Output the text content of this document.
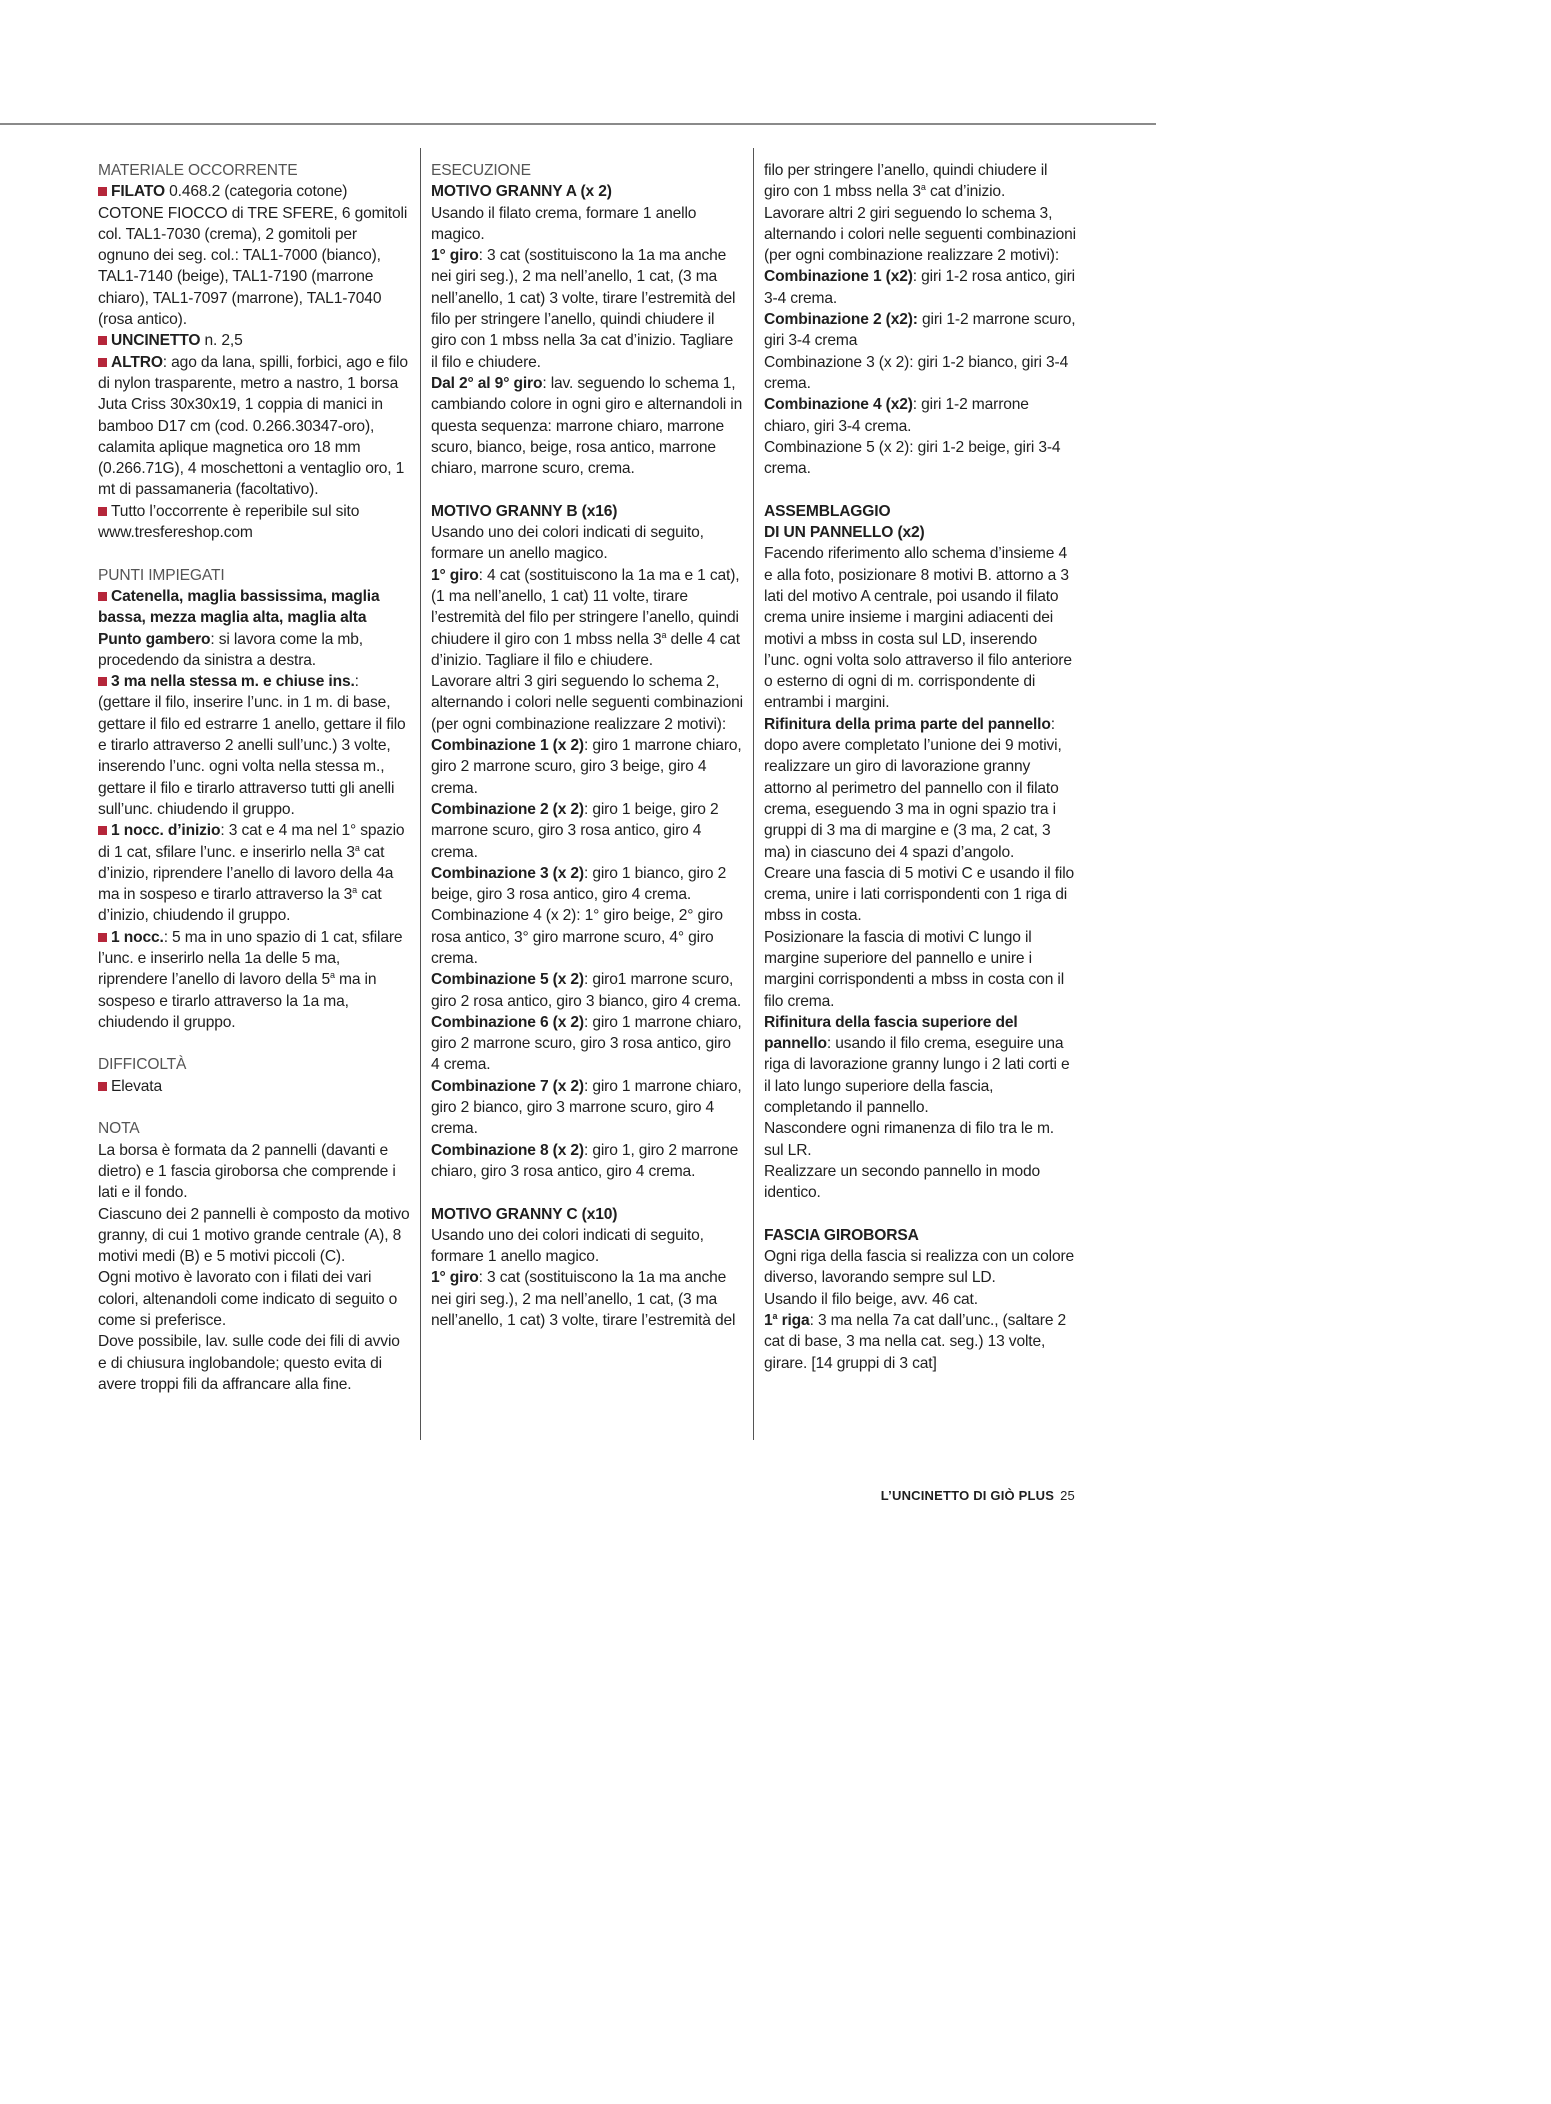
MATERIALE OCCORRENTE

FILATO 0.468.2 (categoria cotone) COTONE FIOCCO di TRE SFERE, 6 gomitoli col. TAL1-7030 (crema), 2 gomitoli per ognuno dei seg. col.: TAL1-7000 (bianco), TAL1-7140 (beige), TAL1-7190 (marrone chiaro), TAL1-7097 (marrone), TAL1-7040 (rosa antico).

UNCINETTO n. 2,5

ALTRO: ago da lana, spilli, forbici, ago e filo di nylon trasparente, metro a nastro, 1 borsa Juta Criss 30x30x19, 1 coppia di manici in bamboo D17 cm (cod. 0.266.30347-oro), calamita aplique magnetica oro 18 mm (0.266.71G), 4 moschettoni a ventaglio oro, 1 mt di passamaneria (facoltativo).

Tutto l’occorrente è reperibile sul sito www.tresfereshop.com

PUNTI IMPIEGATI

Catenella, maglia bassissima, maglia bassa, mezza maglia alta, maglia alta

Punto gambero: si lavora come la mb, procedendo da sinistra a destra.

3 ma nella stessa m. e chiuse ins.: (gettare il filo, inserire l’unc. in 1 m. di base, gettare il filo ed estrarre 1 anello, gettare il filo e tirarlo attraverso 2 anelli sull’unc.) 3 volte, inserendo l’unc. ogni volta nella stessa m., gettare il filo e tirarlo attraverso tutti gli anelli sull’unc. chiudendo il gruppo.

1 nocc. d’inizio: 3 cat e 4 ma nel 1° spazio di 1 cat, sfilare l’unc. e inserirlo nella 3$^a$ cat d’inizio, riprendere l’anello di lavoro della 4a ma in sospeso e tirarlo attraverso la 3$^a$ cat d’inizio, chiudendo il gruppo.

1 nocc.: 5 ma in uno spazio di 1 cat, sfilare l’unc. e inserirlo nella 1a delle 5 ma, riprendere l’anello di lavoro della 5$^a$ ma in sospeso e tirarlo attraverso la 1a ma, chiudendo il gruppo.

DIFFICOLTÀ

Elevata

NOTA

La borsa è formata da 2 pannelli (davanti e dietro) e 1 fascia giroborsa che comprende i lati e il fondo.

Ciascuno dei 2 pannelli è composto da motivo granny, di cui 1 motivo grande centrale (A), 8 motivi medi (B) e 5 motivi piccoli (C).

Ogni motivo è lavorato con i filati dei vari colori, altenandoli come indicato di seguito o come si preferisce.

Dove possibile, lav. sulle code dei fili di avvio e di chiusura inglobandole; questo evita di avere troppi fili da affrancare alla fine.

ESECUZIONE

MOTIVO GRANNY A (x 2)

Usando il filato crema, formare 1 anello magico.

1° giro: 3 cat (sostituiscono la 1a ma anche nei giri seg.), 2 ma nell’anello, 1 cat, (3 ma nell’anello, 1 cat) 3 volte, tirare l’estremità del filo per stringere l’anello, quindi chiudere il giro con 1 mbss nella 3a cat d’inizio. Tagliare il filo e chiudere.

Dal 2° al 9° giro: lav. seguendo lo schema 1, cambiando colore in ogni giro e alternandoli in questa sequenza: marrone chiaro, marrone scuro, bianco, beige, rosa antico, marrone chiaro, marrone scuro, crema.

MOTIVO GRANNY B (x16)

Usando uno dei colori indicati di seguito, formare un anello magico.

1° giro: 4 cat (sostituiscono la 1a ma e 1 cat), (1 ma nell’anello, 1 cat) 11 volte, tirare l’estremità del filo per stringere l’anello, quindi chiudere il giro con 1 mbss nella 3$^a$ delle 4 cat d’inizio. Tagliare il filo e chiudere.

Lavorare altri 3 giri seguendo lo schema 2, alternando i colori nelle seguenti combinazioni (per ogni combinazione realizzare 2 motivi):

Combinazione 1 (x 2): giro 1 marrone chiaro, giro 2 marrone scuro, giro 3 beige, giro 4 crema.

Combinazione 2 (x 2): giro 1 beige, giro 2 marrone scuro, giro 3 rosa antico, giro 4 crema.

Combinazione 3 (x 2): giro 1 bianco, giro 2 beige, giro 3 rosa antico, giro 4 crema.

Combinazione 4 (x 2): 1° giro beige, 2° giro rosa antico, 3° giro marrone scuro, 4° giro crema.

Combinazione 5 (x 2): giro1 marrone scuro, giro 2 rosa antico, giro 3 bianco, giro 4 crema.

Combinazione 6 (x 2): giro 1 marrone chiaro, giro 2 marrone scuro, giro 3 rosa antico, giro 4 crema.

Combinazione 7 (x 2): giro 1 marrone chiaro, giro 2 bianco, giro 3 marrone scuro, giro 4 crema.

Combinazione 8 (x 2): giro 1, giro 2 marrone chiaro, giro 3 rosa antico, giro 4 crema.

MOTIVO GRANNY C (x10)

Usando uno dei colori indicati di seguito, formare 1 anello magico.

1° giro: 3 cat (sostituiscono la 1a ma anche nei giri seg.), 2 ma nell’anello, 1 cat, (3 ma nell’anello, 1 cat) 3 volte, tirare l’estremità del

filo per stringere l’anello, quindi chiudere il giro con 1 mbss nella 3$^a$ cat d’inizio.

Lavorare altri 2 giri seguendo lo schema 3, alternando i colori nelle seguenti combinazioni (per ogni combinazione realizzare 2 motivi):

Combinazione 1 (x2): giri 1-2 rosa antico, giri 3-4 crema.

Combinazione 2 (x2): giri 1-2 marrone scuro, giri 3-4 crema

Combinazione 3 (x 2): giri 1-2 bianco, giri 3-4 crema.

Combinazione 4 (x2): giri 1-2 marrone chiaro, giri 3-4 crema.

Combinazione 5 (x 2): giri 1-2 beige, giri 3-4 crema.

ASSEMBLAGGIO

DI UN PANNELLO (x2)

Facendo riferimento allo schema d’insieme 4 e alla foto, posizionare 8 motivi B. attorno a 3 lati del motivo A centrale, poi usando il filato crema unire insieme i margini adiacenti dei motivi a mbss in costa sul LD, inserendo l’unc. ogni volta solo attraverso il filo anteriore o esterno di ogni di m. corrispondente di entrambi i margini.

Rifinitura della prima parte del pannello: dopo avere completato l’unione dei 9 motivi, realizzare un giro di lavorazione granny attorno al perimetro del pannello con il filato crema, eseguendo 3 ma in ogni spazio tra i gruppi di 3 ma di margine e (3 ma, 2 cat, 3 ma) in ciascuno dei 4 spazi d’angolo.

Creare una fascia di 5 motivi C e usando il filo crema, unire i lati corrispondenti con 1 riga di mbss in costa.

Posizionare la fascia di motivi C lungo il margine superiore del pannello e unire i margini corrispondenti a mbss in costa con il filo crema.

Rifinitura della fascia superiore del pannello: usando il filo crema, eseguire una riga di lavorazione granny lungo i 2 lati corti e il lato lungo superiore della fascia, completando il pannello.

Nascondere ogni rimanenza di filo tra le m. sul LR.

Realizzare un secondo pannello in modo identico.

FASCIA GIROBORSA

Ogni riga della fascia si realizza con un colore diverso, lavorando sempre sul LD.

Usando il filo beige, avv. 46 cat.

1$^a$ riga: 3 ma nella 7a cat dall’unc., (saltare 2 cat di base, 3 ma nella cat. seg.) 13 volte, girare. [14 gruppi di 3 cat]

L’UNCINETTO DI GIÒ PLUS 25
